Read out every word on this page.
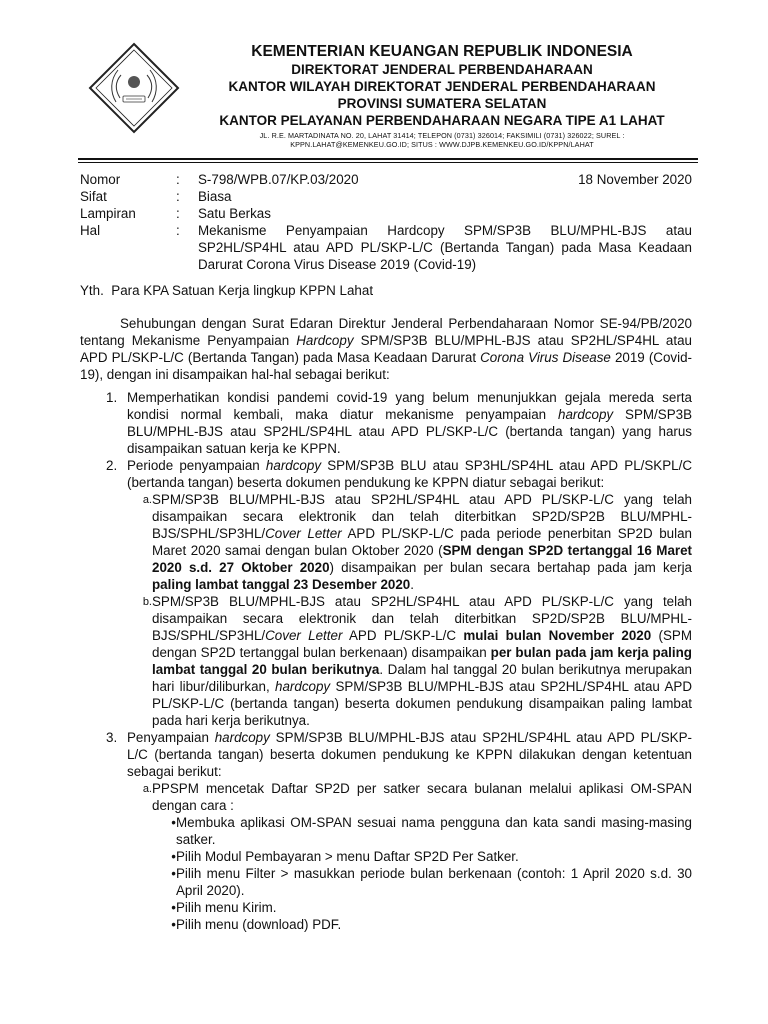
KEMENTERIAN KEUANGAN REPUBLIK INDONESIA
DIREKTORAT JENDERAL PERBENDAHARAAN
KANTOR WILAYAH DIREKTORAT JENDERAL PERBENDAHARAAN
PROVINSI SUMATERA SELATAN
KANTOR PELAYANAN PERBENDAHARAAN NEGARA TIPE A1 LAHAT
JL. R.E. MARTADINATA NO. 20, LAHAT 31414; TELEPON (0731) 326014; FAKSIMILI (0731) 326022; SUREL :
KPPN.LAHAT@KEMENKEU.GO.ID; SITUS : WWW.DJPB.KEMENKEU.GO.ID/KPPN/LAHAT
Nomor	:	S-798/WPB.07/KP.03/2020	18 November 2020
Sifat	:	Biasa
Lampiran	:	Satu Berkas
Hal	:	Mekanisme Penyampaian Hardcopy SPM/SP3B BLU/MPHL-BJS atau SP2HL/SP4HL atau APD PL/SKP-L/C (Bertanda Tangan) pada Masa Keadaan Darurat Corona Virus Disease 2019 (Covid-19)
Yth.  Para KPA Satuan Kerja lingkup KPPN Lahat

Sehubungan dengan Surat Edaran Direktur Jenderal Perbendaharaan Nomor SE-94/PB/2020 tentang Mekanisme Penyampaian Hardcopy SPM/SP3B BLU/MPHL-BJS atau SP2HL/SP4HL atau APD PL/SKP-L/C (Bertanda Tangan) pada Masa Keadaan Darurat Corona Virus Disease 2019 (Covid-19), dengan ini disampaikan hal-hal sebagai berikut:

1. Memperhatikan kondisi pandemi covid-19 yang belum menunjukkan gejala mereda serta kondisi normal kembali, maka diatur mekanisme penyampaian hardcopy SPM/SP3B BLU/MPHL-BJS atau SP2HL/SP4HL atau APD PL/SKP-L/C (bertanda tangan) yang harus disampaikan satuan kerja ke KPPN.
2. Periode penyampaian hardcopy SPM/SP3B BLU atau SP3HL/SP4HL atau APD PL/SKPL/C (bertanda tangan) beserta dokumen pendukung ke KPPN diatur sebagai berikut:
a. SPM/SP3B BLU/MPHL-BJS atau SP2HL/SP4HL atau APD PL/SKP-L/C yang telah disampaikan secara elektronik dan telah diterbitkan SP2D/SP2B BLU/MPHL-BJS/SPHL/SP3HL/Cover Letter APD PL/SKP-L/C pada periode penerbitan SP2D bulan Maret 2020 samai dengan bulan Oktober 2020 (SPM dengan SP2D tertanggal 16 Maret 2020 s.d. 27 Oktober 2020) disampaikan per bulan secara bertahap pada jam kerja paling lambat tanggal 23 Desember 2020.
b. SPM/SP3B BLU/MPHL-BJS atau SP2HL/SP4HL atau APD PL/SKP-L/C yang telah disampaikan secara elektronik dan telah diterbitkan SP2D/SP2B BLU/MPHL-BJS/SPHL/SP3HL/Cover Letter APD PL/SKP-L/C mulai bulan November 2020 (SPM dengan SP2D tertanggal bulan berkenaan) disampaikan per bulan pada jam kerja paling lambat tanggal 20 bulan berikutnya. Dalam hal tanggal 20 bulan berikutnya merupakan hari libur/diliburkan, hardcopy SPM/SP3B BLU/MPHL-BJS atau SP2HL/SP4HL atau APD PL/SKP-L/C (bertanda tangan) beserta dokumen pendukung disampaikan paling lambat pada hari kerja berikutnya.
3. Penyampaian hardcopy SPM/SP3B BLU/MPHL-BJS atau SP2HL/SP4HL atau APD PL/SKP-L/C (bertanda tangan) beserta dokumen pendukung ke KPPN dilakukan dengan ketentuan sebagai berikut:
a. PPSPM mencetak Daftar SP2D per satker secara bulanan melalui aplikasi OM-SPAN dengan cara :
• Membuka aplikasi OM-SPAN sesuai nama pengguna dan kata sandi masing-masing satker.
• Pilih Modul Pembayaran > menu Daftar SP2D Per Satker.
• Pilih menu Filter > masukkan periode bulan berkenaan (contoh: 1 April 2020 s.d. 30 April 2020).
• Pilih menu Kirim.
• Pilih menu (download) PDF.
